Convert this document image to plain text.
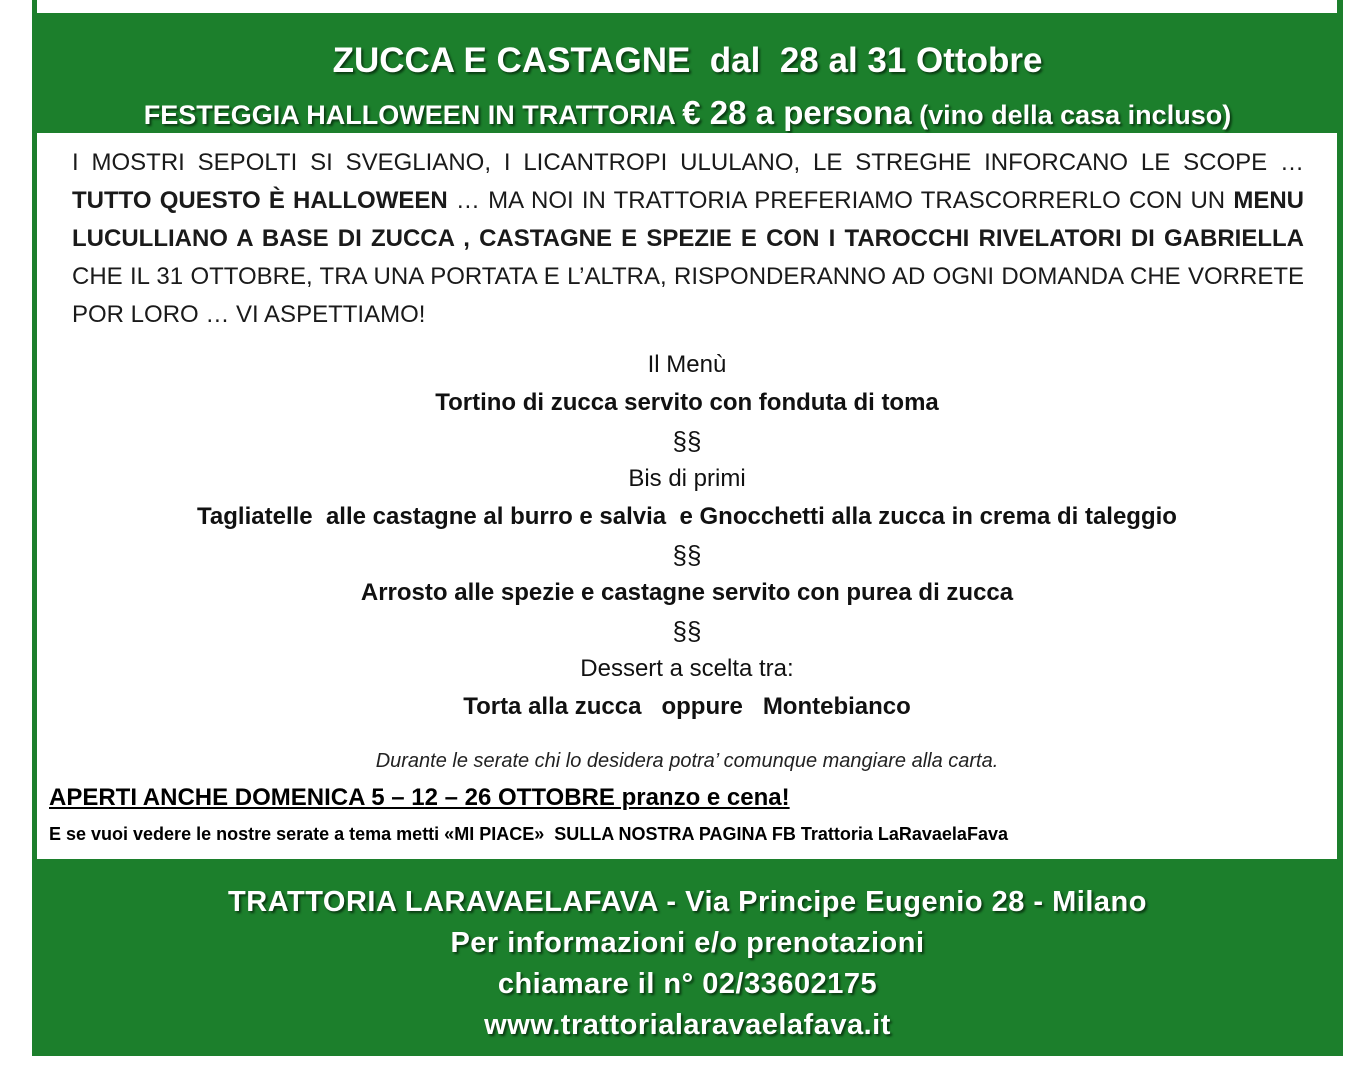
ZUCCA E CASTAGNE  dal  28 al 31 Ottobre
FESTEGGIA HALLOWEEN IN TRATTORIA € 28 a persona (vino della casa incluso)
I MOSTRI SEPOLTI SI SVEGLIANO, I LICANTROPI ULULANO, LE STREGHE INFORCANO LE SCOPE … TUTTO QUESTO È HALLOWEEN … MA NOI IN TRATTORIA PREFERIAMO TRASCORRERLO CON UN MENU LUCULLIANO A BASE DI ZUCCA , CASTAGNE E SPEZIE E CON I TAROCCHI RIVELATORI DI GABRIELLA CHE IL 31 OTTOBRE, TRA UNA PORTATA E L’ALTRA, RISPONDERANNO AD OGNI DOMANDA CHE VORRETE POR LORO … VI ASPETTIAMO!
Il Menù
Tortino di zucca servito con fonduta di toma
§§
Bis di primi
Tagliatelle  alle castagne al burro e salvia  e Gnocchetti alla zucca in crema di taleggio
§§
Arrosto alle spezie e castagne servito con purea di zucca
§§
Dessert a scelta tra:
Torta alla zucca   oppure   Montebianco
Durante le serate chi lo desidera potra’ comunque mangiare alla carta.
APERTI ANCHE DOMENICA 5 – 12 – 26 OTTOBRE pranzo e cena!
E se vuoi vedere le nostre serate a tema metti «MI PIACE»  SULLA NOSTRA PAGINA FB Trattoria LaRavaelaFava
TRATTORIA LARAVAELAFAVA - Via Principe Eugenio 28 - Milano
Per informazioni e/o prenotazioni
chiamare il n° 02/33602175
www.trattorialaravaelafava.it
